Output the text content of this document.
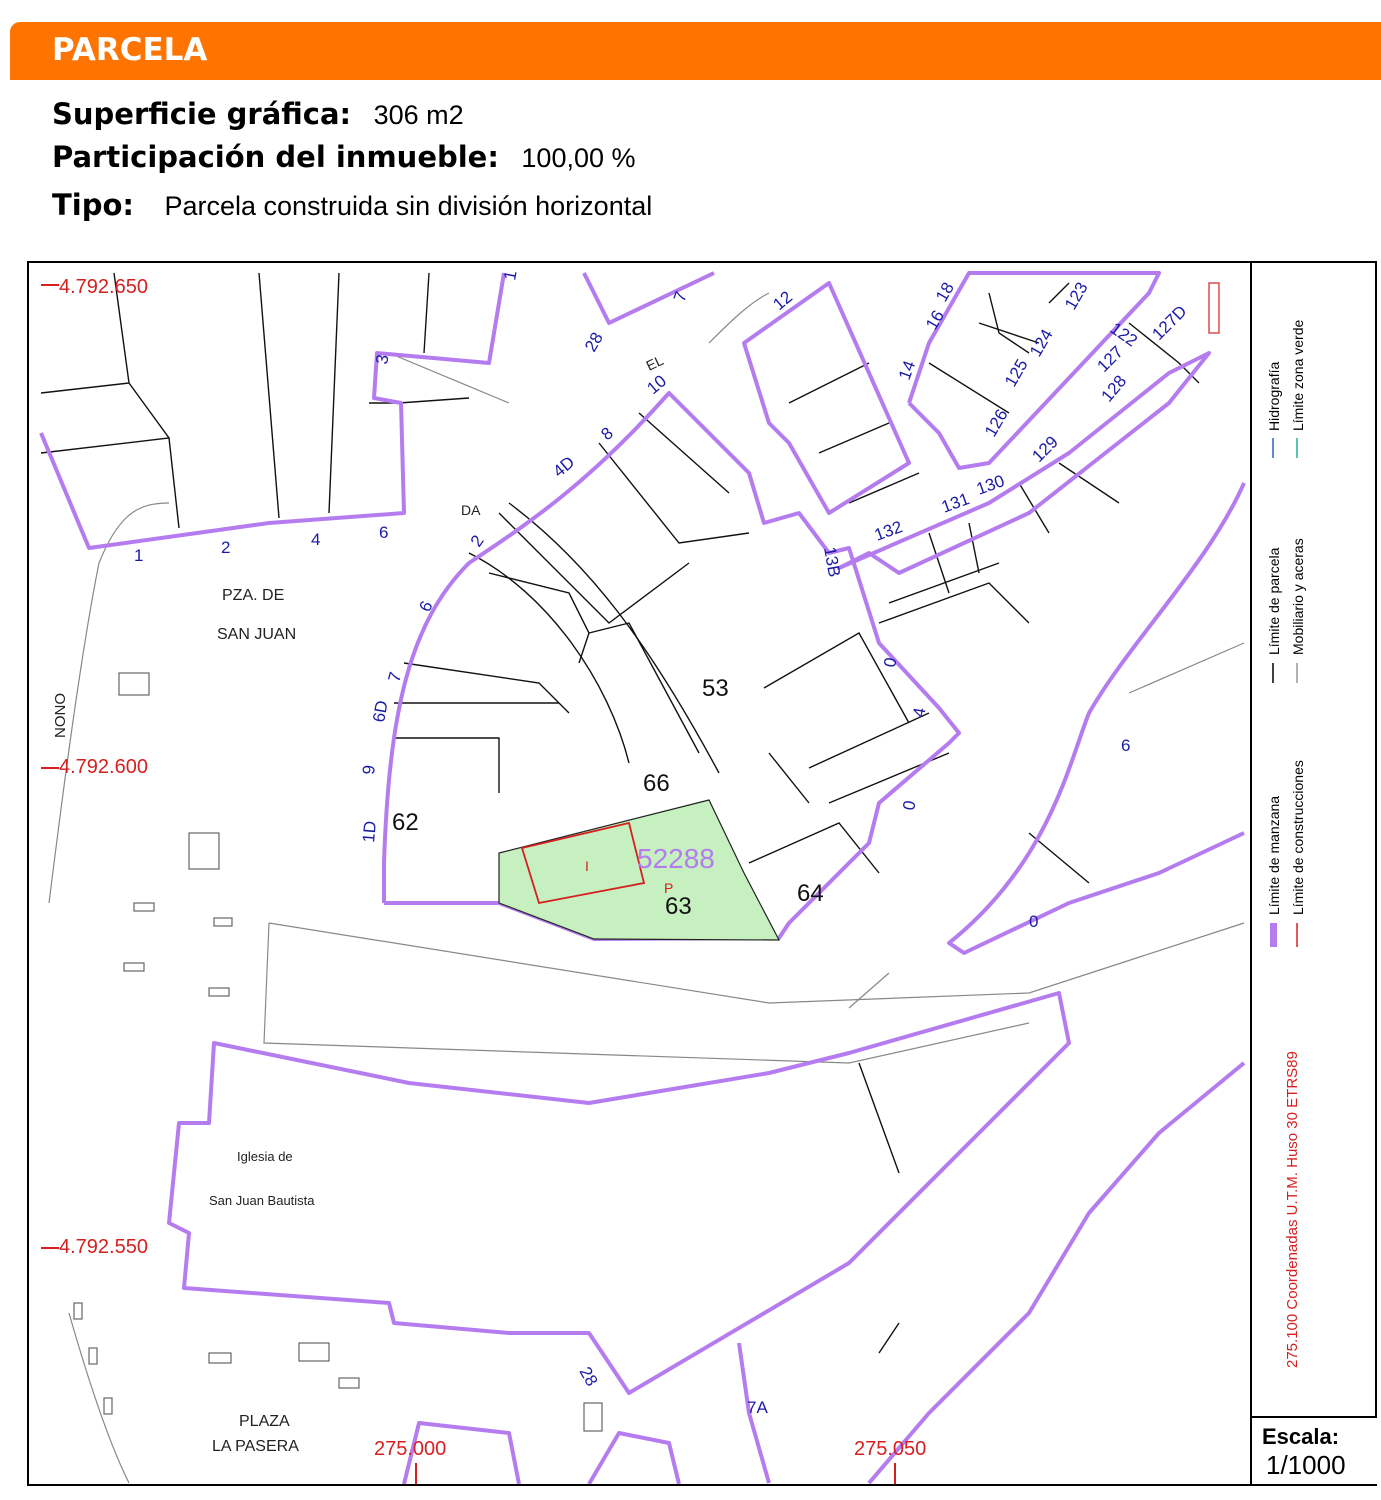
PARCELA
Superficie gráfica: 306 m2
Participación del inmueble: 100,00 %
Tipo: Parcela construida sin división horizontal
4.792.650
4.792.600
4.792.550
275.000	275.050
PZA. DE
SAN JUAN
PLAZA
LA PASERA
Iglesia de
San Juan Bautista
NONO
EL
DA
53
62
66
64
63
52288
P
I
1	2	4	6
3
1
28
7
10
8
4D
2
6
7
6D
9
1D
12
16
18
14
122
123
124
125
126
127
127D
128
129
130
131
132
13B
0
4
6
0
0
28
7A
Límite de manzana
Límite de parcela
Hidrografía
Límite de construcciones
Mobiliario y aceras
Límite zona verde
275.100 Coordenadas U.T.M. Huso 30 ETRS89
Escala:
1/1000
